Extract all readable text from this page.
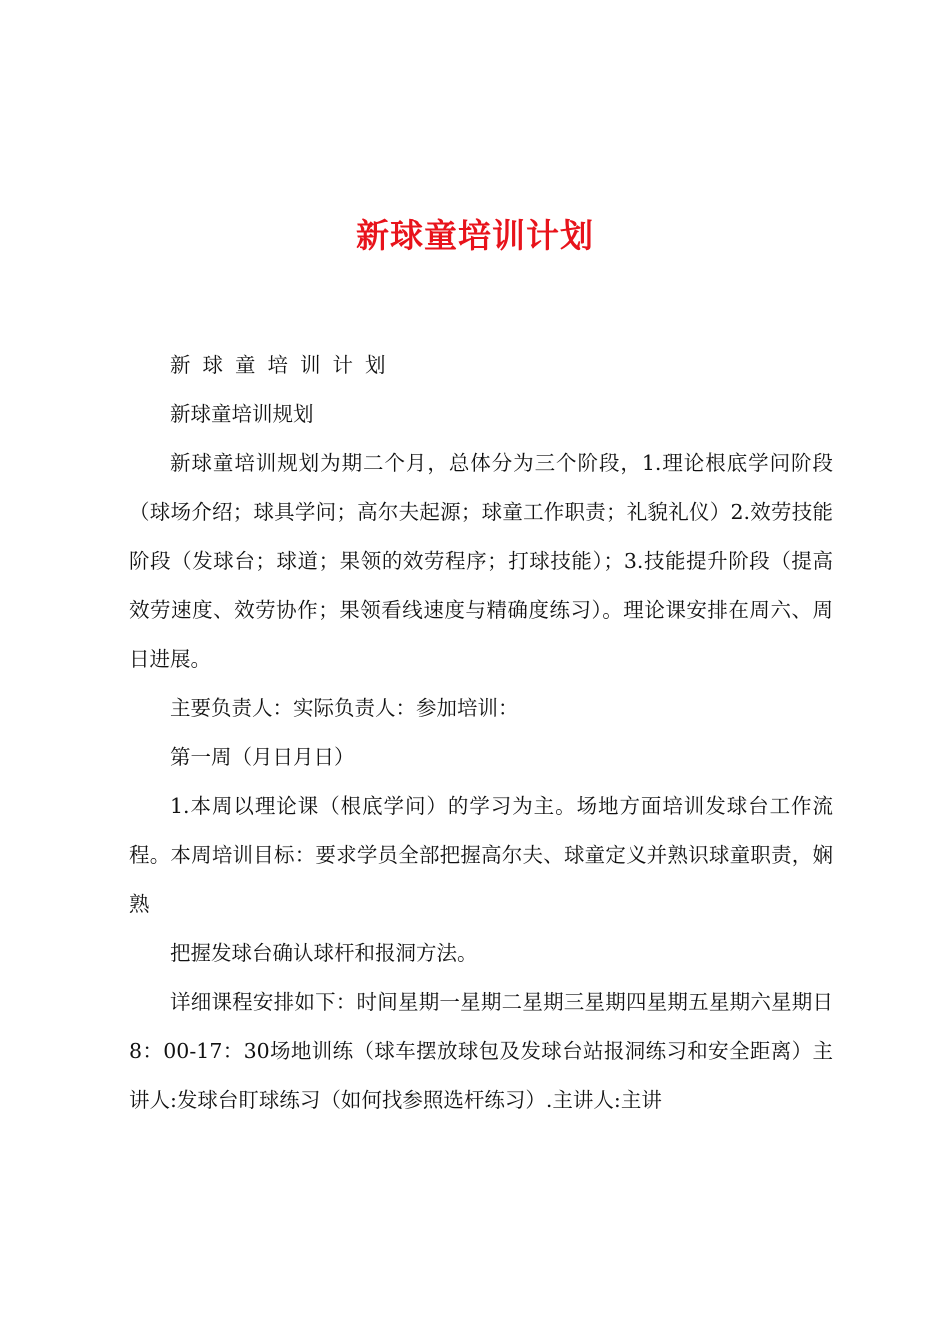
新球童培训计划

新球童培训计划

新球童培训规划

新球童培训规划为期二个月，总体分为三个阶段，1.理论根底学问阶段（球场介绍；球具学问；高尔夫起源；球童工作职责；礼貌礼仪）2.效劳技能阶段（发球台；球道；果领的效劳程序；打球技能）；3.技能提升阶段（提高效劳速度、效劳协作；果领看线速度与精确度练习）。理论课安排在周六、周日进展。

主要负责人：实际负责人：参加培训：

第一周（月日月日）

1.本周以理论课（根底学问）的学习为主。场地方面培训发球台工作流程。本周培训目标：要求学员全部把握高尔夫、球童定义并熟识球童职责，娴熟

把握发球台确认球杆和报洞方法。

详细课程安排如下：时间星期一星期二星期三星期四星期五星期六星期日8：00-17：30场地训练（球车摆放球包及发球台站报洞练习和安全距离）主讲人:发球台盯球练习（如何找参照选杆练习）.主讲人:主讲
